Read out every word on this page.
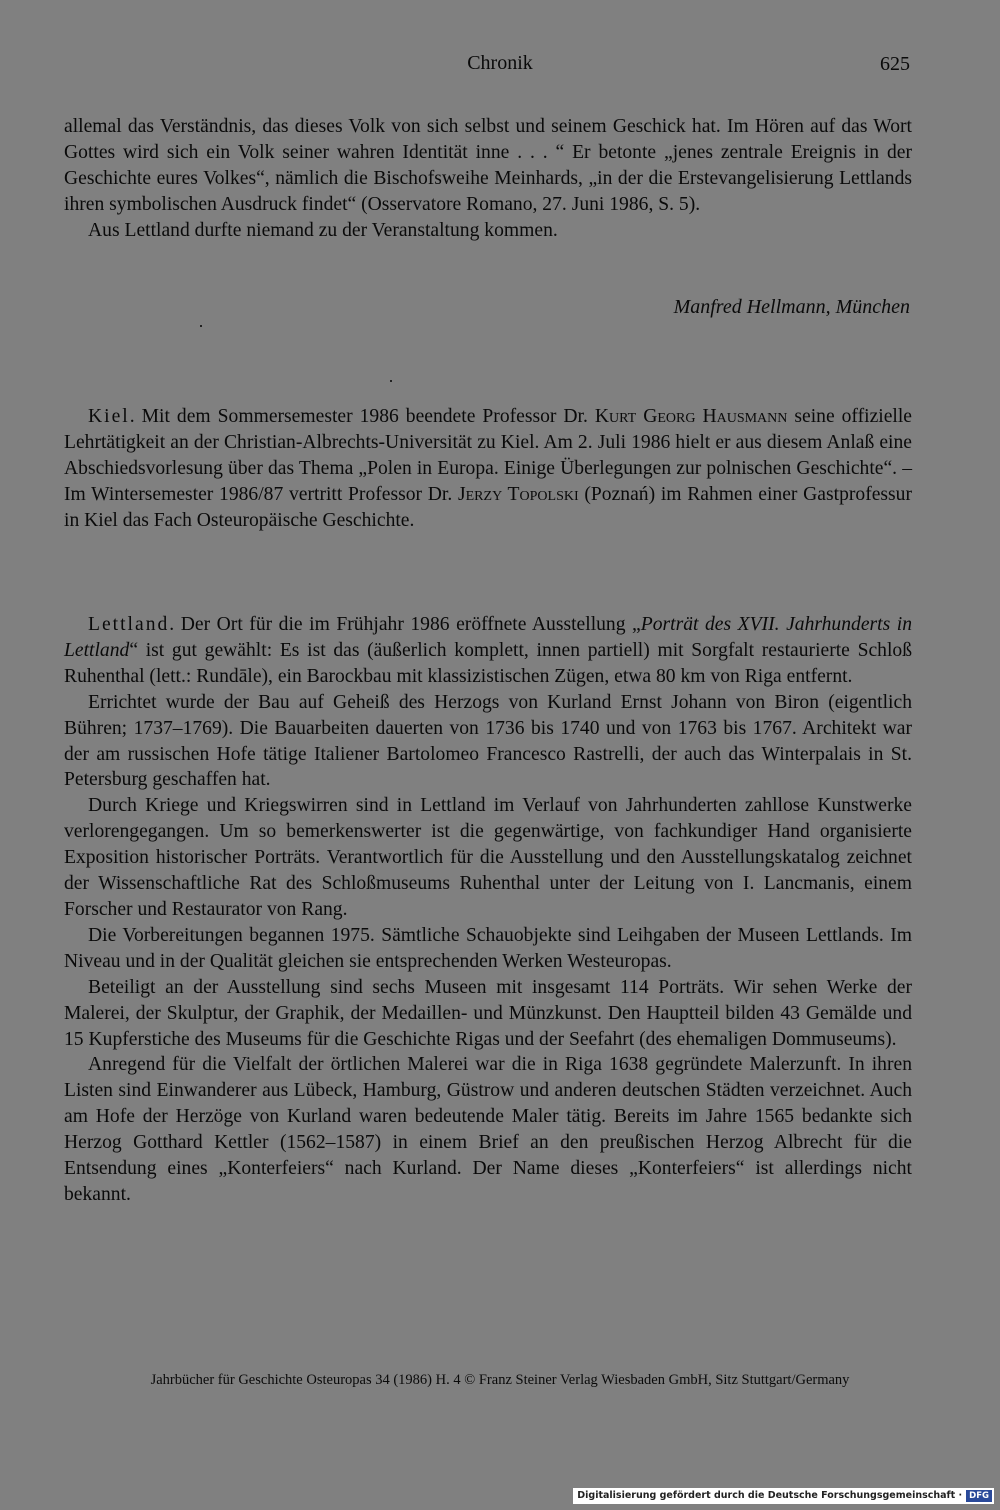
Chronik	625

allemal das Verständnis, das dieses Volk von sich selbst und seinem Geschick hat. Im Hören auf das Wort Gottes wird sich ein Volk seiner wahren Identität inne . . . “ Er betonte „jenes zentrale Ereignis in der Geschichte eures Volkes“, nämlich die Bischofsweihe Meinhards, „in der die Erstevangelisierung Lettlands ihren symbolischen Ausdruck findet“ (Osservatore Romano, 27. Juni 1986, S. 5).

Aus Lettland durfte niemand zu der Veranstaltung kommen.

Manfred Hellmann, München

Kiel. Mit dem Sommersemester 1986 beendete Professor Dr. Kurt Georg Hausmann seine offizielle Lehrtätigkeit an der Christian-Albrechts-Universität zu Kiel. Am 2. Juli 1986 hielt er aus diesem Anlaß eine Abschiedsvorlesung über das Thema „Polen in Europa. Einige Überlegungen zur polnischen Geschichte“. – Im Wintersemester 1986/87 vertritt Professor Dr. Jerzy Topolski (Poznań) im Rahmen einer Gastprofessur in Kiel das Fach Osteuropäische Geschichte.

Lettland. Der Ort für die im Frühjahr 1986 eröffnete Ausstellung „Porträt des XVII. Jahrhunderts in Lettland“ ist gut gewählt: Es ist das (äußerlich komplett, innen partiell) mit Sorgfalt restaurierte Schloß Ruhenthal (lett.: Rundāle), ein Barockbau mit klassizistischen Zügen, etwa 80 km von Riga entfernt.

Errichtet wurde der Bau auf Geheiß des Herzogs von Kurland Ernst Johann von Biron (eigentlich Bühren; 1737–1769). Die Bauarbeiten dauerten von 1736 bis 1740 und von 1763 bis 1767. Architekt war der am russischen Hofe tätige Italiener Bartolomeo Francesco Rastrelli, der auch das Winterpalais in St. Petersburg geschaffen hat.

Durch Kriege und Kriegswirren sind in Lettland im Verlauf von Jahrhunderten zahllose Kunstwerke verlorengegangen. Um so bemerkenswerter ist die gegenwärtige, von fachkundiger Hand organisierte Exposition historischer Porträts. Verantwortlich für die Ausstellung und den Ausstellungskatalog zeichnet der Wissenschaftliche Rat des Schloßmuseums Ruhenthal unter der Leitung von I. Lancmanis, einem Forscher und Restaurator von Rang.

Die Vorbereitungen begannen 1975. Sämtliche Schauobjekte sind Leihgaben der Museen Lettlands. Im Niveau und in der Qualität gleichen sie entsprechenden Werken Westeuropas.

Beteiligt an der Ausstellung sind sechs Museen mit insgesamt 114 Porträts. Wir sehen Werke der Malerei, der Skulptur, der Graphik, der Medaillen- und Münzkunst. Den Hauptteil bilden 43 Gemälde und 15 Kupferstiche des Museums für die Geschichte Rigas und der Seefahrt (des ehemaligen Dommuseums).

Anregend für die Vielfalt der örtlichen Malerei war die in Riga 1638 gegründete Malerzunft. In ihren Listen sind Einwanderer aus Lübeck, Hamburg, Güstrow und anderen deutschen Städten verzeichnet. Auch am Hofe der Herzöge von Kurland waren bedeutende Maler tätig. Bereits im Jahre 1565 bedankte sich Herzog Gotthard Kettler (1562–1587) in einem Brief an den preußischen Herzog Albrecht für die Entsendung eines „Konterfeiers“ nach Kurland. Der Name dieses „Konterfeiers“ ist allerdings nicht bekannt.

Jahrbücher für Geschichte Osteuropas 34 (1986) H. 4 © Franz Steiner Verlag Wiesbaden GmbH, Sitz Stuttgart/Germany
Digitalisierung gefördert durch die Deutsche Forschungsgemeinschaft · DFG
